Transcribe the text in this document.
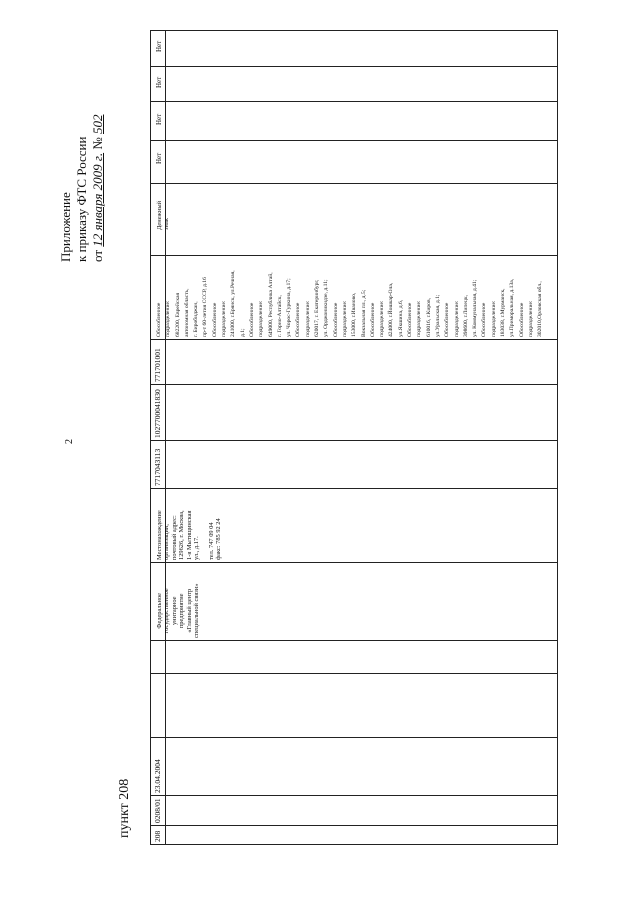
Приложение к приказу ФТС России от 12 января 2009 г. № 502
2
пункт 208	208
0208/01
23.04.2004
Федеральное государственное унитарное предприятие «Главный центр специальной связи»
Местонахождение организации, почтовый адрес: 129626, г. Москва, 1-я Мытищинская ул., д.17. тел. 747 09 04 факс: 785 92 24
7717043113
1027700041830
771701001
Обособленное подразделение: 682200, Еврейская автономная область, г. Биробиджан, пр-т 60-летия СССР, д.16 Обособленное подразделение: 241000, г.Брянск, ул.Речная, д.1; Обособленное подразделение: 649000, Республика Алтай, г. Горно-Алтайск, ул. Чорос-Гуркина, д.17; Обособленное подразделение: 620017, г. Екатеринбург, ул. Орджоникидзе, д.11; Обособленное подразделение: 153000, г.Иваново, Вокзальная пл., д.5; Обособленное подразделение: 424000, г.Йошкар-Ола, ул.Якшина, д.6, Обособленное подразделение: 610016, г.Киров, ул.Уральская, д.1; Обособленное подразделение: 398600, г.Липецк, ул. Коммунальная, д.41; Обособленное подразделение: 183038, г.Мурманск, ул.Приморальная, д.13а, Обособленное подразделение: 302010,Орловская обл.,
Денежный знак
Нет
Нет
Нет
Нет
